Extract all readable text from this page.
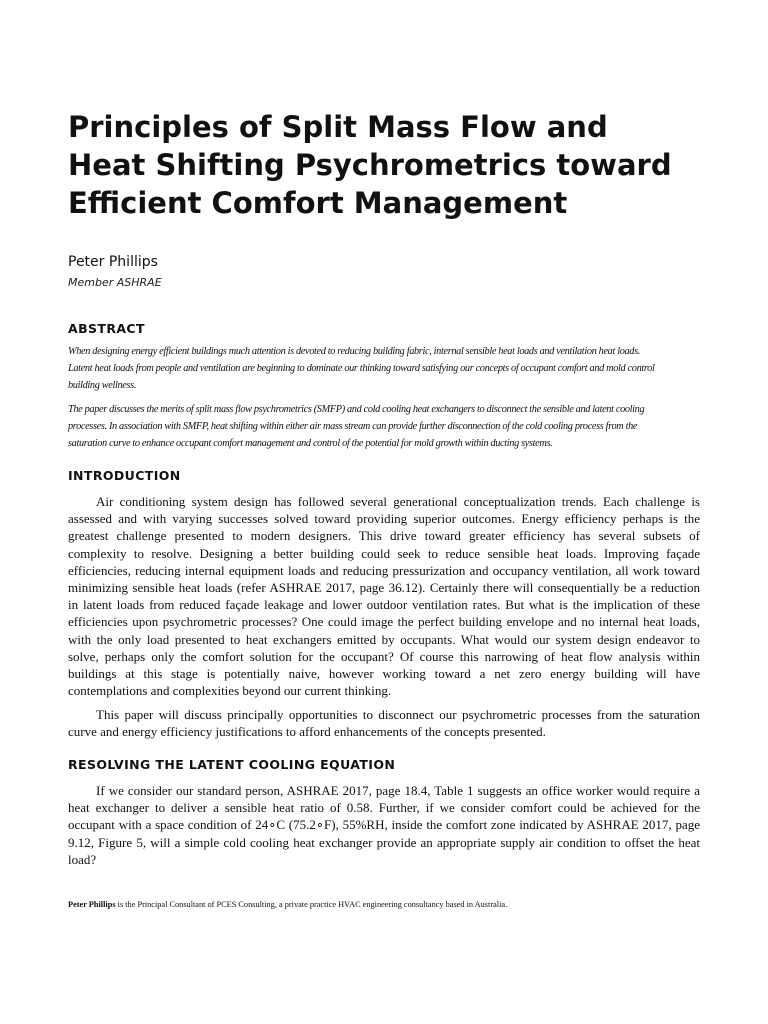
Principles of Split Mass Flow and
Heat Shifting Psychrometrics toward
Efficient Comfort Management
Peter Phillips
Member ASHRAE
ABSTRACT
When designing energy efficient buildings much attention is devoted to reducing building fabric, internal sensible heat loads and ventilation heat loads.
Latent heat loads from people and ventilation are beginning to dominate our thinking toward satisfying our concepts of occupant comfort and mold control
building wellness.
The paper discusses the merits of split mass flow psychrometrics (SMFP) and cold cooling heat exchangers to disconnect the sensible and latent cooling
processes. In association with SMFP, heat shifting within either air mass stream can provide further disconnection of the cold cooling process from the
saturation curve to enhance occupant comfort management and control of the potential for mold growth within ducting systems.
INTRODUCTION
Air conditioning system design has followed several generational conceptualization trends. Each challenge is
assessed and with varying successes solved toward providing superior outcomes. Energy efficiency perhaps is the
greatest challenge presented to modern designers. This drive toward greater efficiency has several subsets of
complexity to resolve. Designing a better building could seek to reduce sensible heat loads. Improving façade
efficiencies, reducing internal equipment loads and reducing pressurization and occupancy ventilation, all work toward
minimizing sensible heat loads (refer ASHRAE 2017, page 36.12). Certainly there will consequentially be a reduction
in latent loads from reduced façade leakage and lower outdoor ventilation rates. But what is the implication of these
efficiencies upon psychrometric processes? One could image the perfect building envelope and no internal heat loads,
with the only load presented to heat exchangers emitted by occupants. What would our system design endeavor to
solve, perhaps only the comfort solution for the occupant? Of course this narrowing of heat flow analysis within
buildings at this stage is potentially naive, however working toward a net zero energy building will have
contemplations and complexities beyond our current thinking.
This paper will discuss principally opportunities to disconnect our psychrometric processes from the saturation
curve and energy efficiency justifications to afford enhancements of the concepts presented.
RESOLVING THE LATENT COOLING EQUATION
If we consider our standard person, ASHRAE 2017, page 18.4, Table 1 suggests an office worker would require a
heat exchanger to deliver a sensible heat ratio of 0.58. Further, if we consider comfort could be achieved for the
occupant with a space condition of 24∘C (75.2∘F), 55%RH, inside the comfort zone indicated by ASHRAE 2017, page
9.12, Figure 5, will a simple cold cooling heat exchanger provide an appropriate supply air condition to offset the heat
load?
Peter Phillips is the Principal Consultant of PCES Consulting, a private practice HVAC engineering consultancy based in Australia.
